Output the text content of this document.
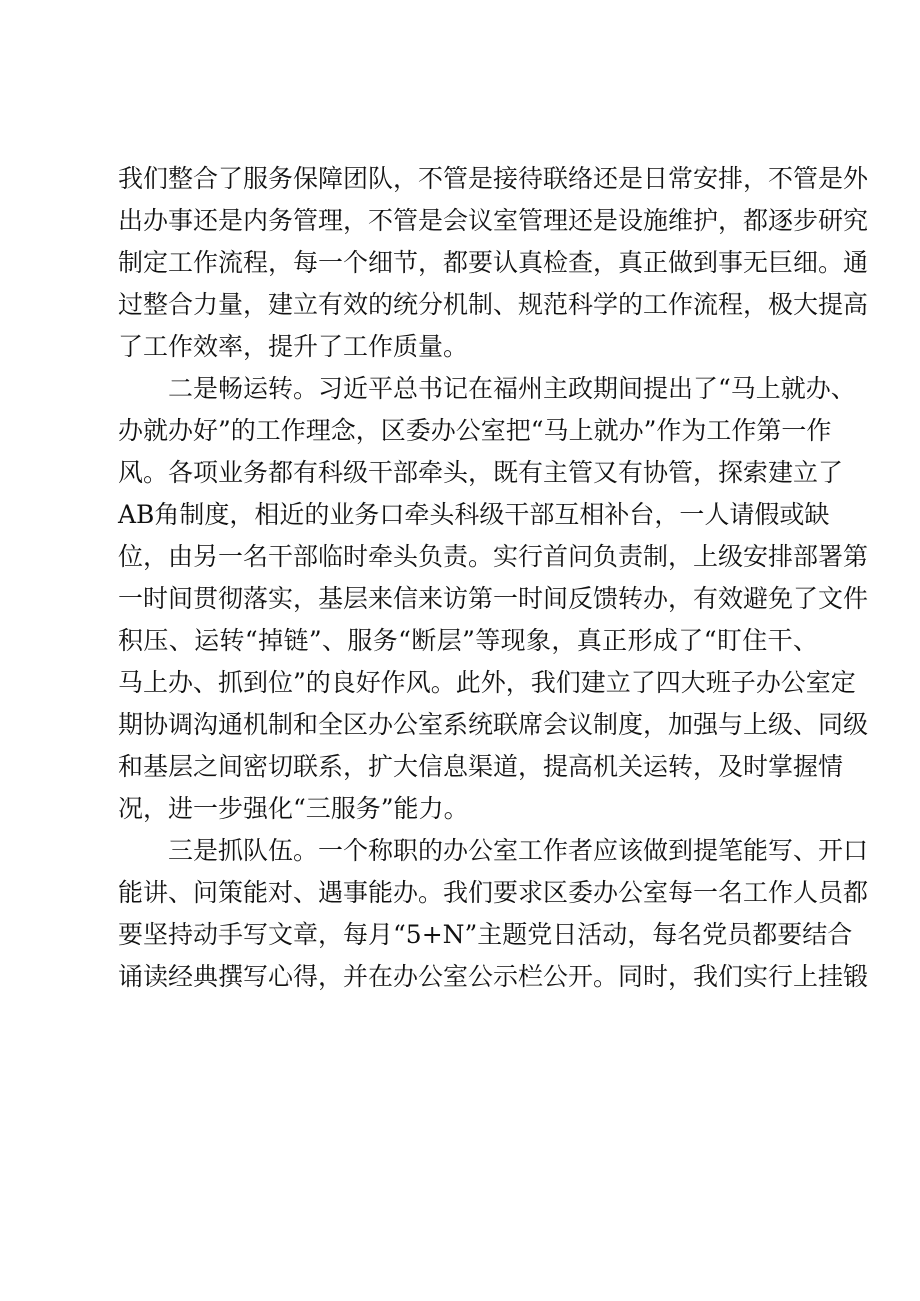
我们整合了服务保障团队，不管是接待联络还是日常安排，不管是外
出办事还是内务管理，不管是会议室管理还是设施维护，都逐步研究
制定工作流程，每一个细节，都要认真检查，真正做到事无巨细。通
过整合力量，建立有效的统分机制、规范科学的工作流程，极大提高
了工作效率，提升了工作质量。
二是畅运转。习近平总书记在福州主政期间提出了“马上就办、
办就办好”的工作理念，区委办公室把“马上就办”作为工作第一作
风。各项业务都有科级干部牵头，既有主管又有协管，探索建立了
AB角制度，相近的业务口牵头科级干部互相补台，一人请假或缺
位，由另一名干部临时牵头负责。实行首问负责制，上级安排部署第
一时间贯彻落实，基层来信来访第一时间反馈转办，有效避免了文件
积压、运转“掉链”、服务“断层”等现象，真正形成了“盯住干、
马上办、抓到位”的良好作风。此外，我们建立了四大班子办公室定
期协调沟通机制和全区办公室系统联席会议制度，加强与上级、同级
和基层之间密切联系，扩大信息渠道，提高机关运转，及时掌握情
况，进一步强化“三服务”能力。
三是抓队伍。一个称职的办公室工作者应该做到提笔能写、开口
能讲、问策能对、遇事能办。我们要求区委办公室每一名工作人员都
要坚持动手写文章，每月“5+N”主题党日活动，每名党员都要结合
诵读经典撰写心得，并在办公室公示栏公开。同时，我们实行上挂锻
